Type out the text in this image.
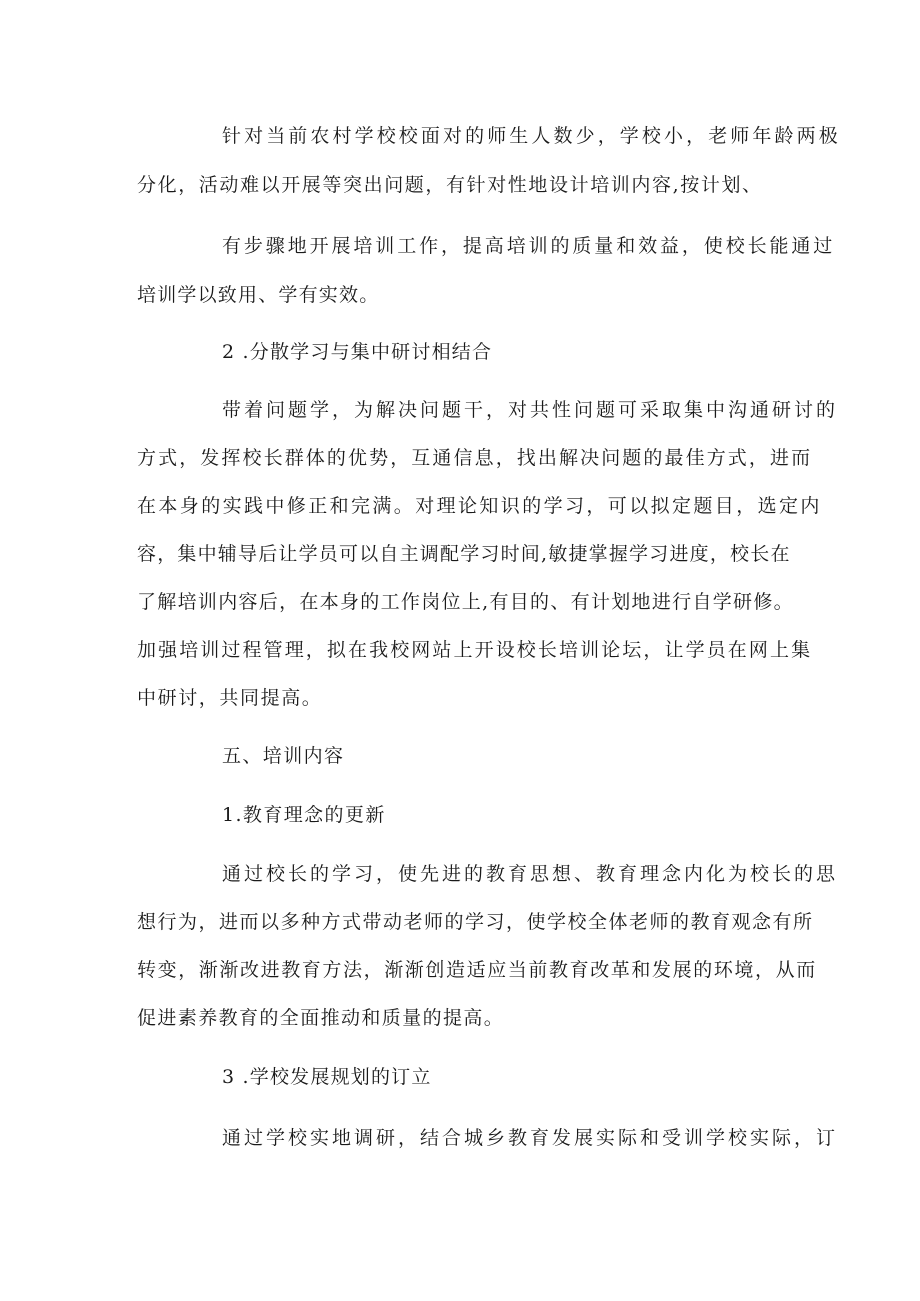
针对当前农村学校校面对的师生人数少，学校小，老师年龄两极
分化，活动难以开展等突出问题，有针对性地设计培训内容,按计划、
有步骤地开展培训工作，提高培训的质量和效益，使校长能通过
培训学以致用、学有实效。
2 .分散学习与集中研讨相结合
带着问题学，为解决问题干，对共性问题可采取集中沟通研讨的
方式，发挥校长群体的优势，互通信息，找出解决问题的最佳方式，进而
在本身的实践中修正和完满。对理论知识的学习，可以拟定题目，选定内
容，集中辅导后让学员可以自主调配学习时间,敏捷掌握学习进度，校长在
了解培训内容后，在本身的工作岗位上,有目的、有计划地进行自学研修。
加强培训过程管理，拟在我校网站上开设校长培训论坛，让学员在网上集
中研讨，共同提高。
五、培训内容
1.教育理念的更新
通过校长的学习，使先进的教育思想、教育理念内化为校长的思
想行为，进而以多种方式带动老师的学习，使学校全体老师的教育观念有所
转变，渐渐改进教育方法，渐渐创造适应当前教育改革和发展的环境，从而
促进素养教育的全面推动和质量的提高。
3 .学校发展规划的订立
通过学校实地调研，结合城乡教育发展实际和受训学校实际，订
